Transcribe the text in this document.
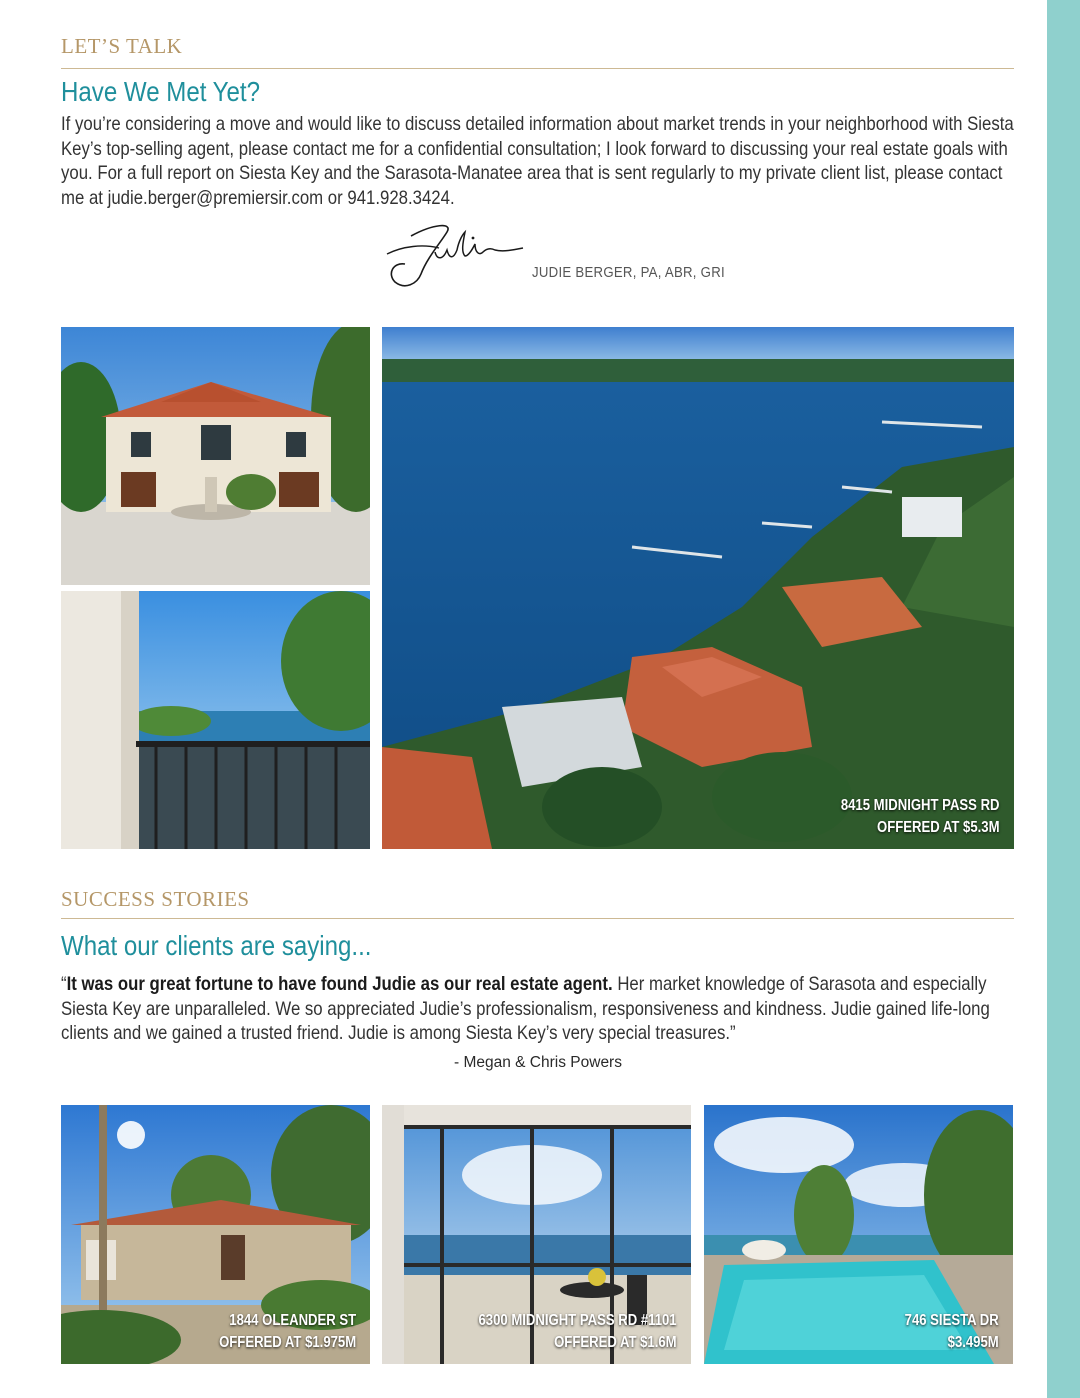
LET’S TALK
Have We Met Yet?
If you’re considering a move and would like to discuss detailed information about market trends in your neighborhood with Siesta Key’s top-selling agent, please contact me for a confidential consultation; I look forward to discussing your real estate goals with you. For a full report on Siesta Key and the Sarasota-Manatee area that is sent regularly to my private client list, please contact me at judie.berger@premiersir.com or 941.928.3424.
JUDIE BERGER, PA, ABR, GRI
8415 MIDNIGHT PASS RD
OFFERED AT $5.3M
SUCCESS STORIES
What our clients are saying...
“It was our great fortune to have found Judie as our real estate agent. Her market knowledge of Sarasota and especially Siesta Key are unparalleled. We so appreciated Judie’s professionalism, responsiveness and kindness. Judie gained life-long clients and we gained a trusted friend. Judie is among Siesta Key’s very special treasures.”
- Megan & Chris Powers
1844 OLEANDER ST
OFFERED AT $1.975M
6300 MIDNIGHT PASS RD #1101
OFFERED AT $1.6M
746 SIESTA DR
$3.495M
